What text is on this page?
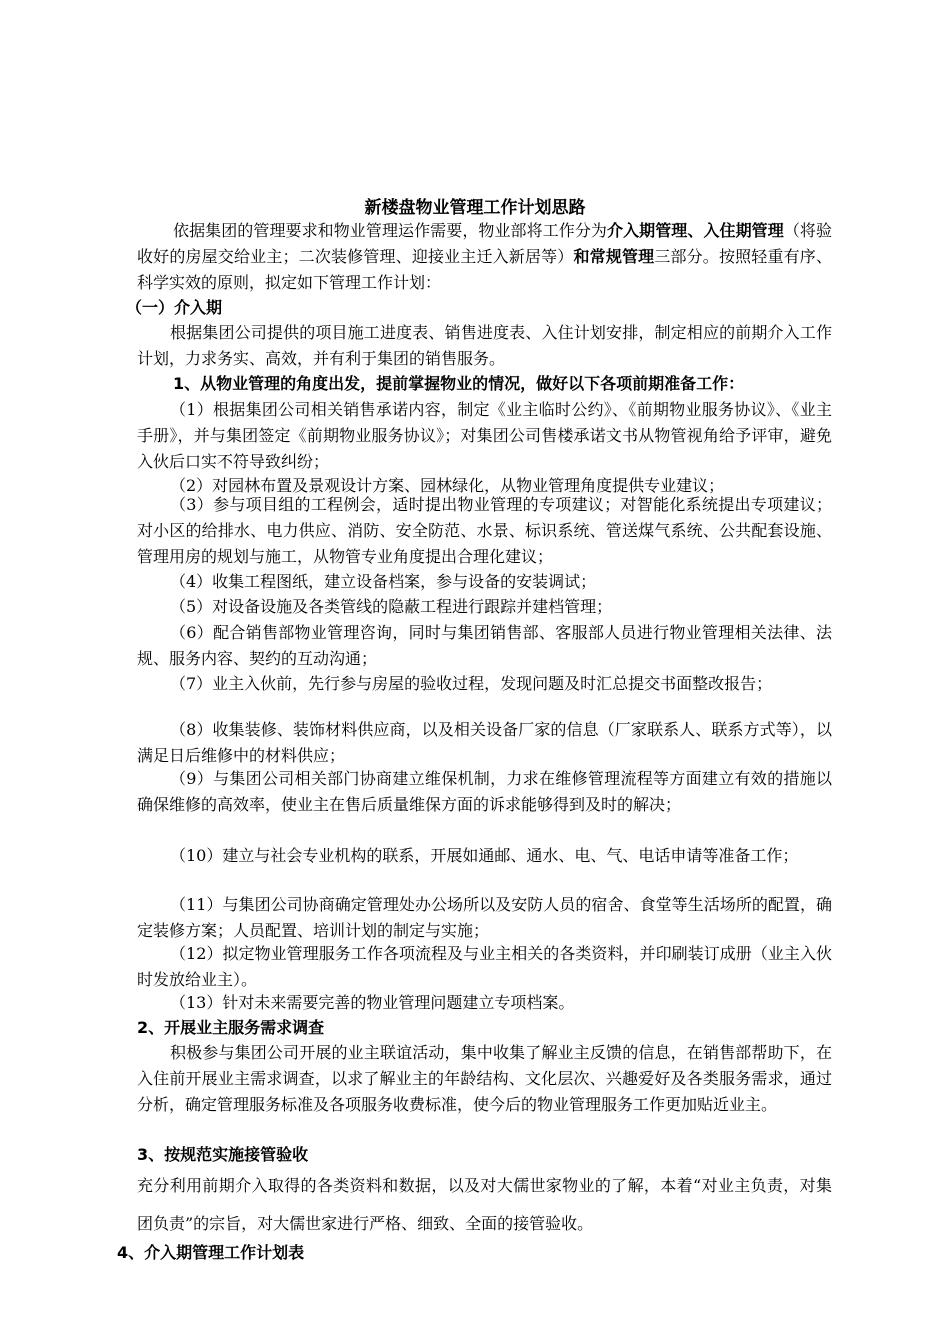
新楼盘物业管理工作计划思路

依据集团的管理要求和物业管理运作需要，物业部将工作分为介入期管理、入住期管理（将验收好的房屋交给业主；二次装修管理、迎接业主迁入新居等）和常规管理三部分。按照轻重有序、科学实效的原则，拟定如下管理工作计划：

（一）介入期

根据集团公司提供的项目施工进度表、销售进度表、入住计划安排，制定相应的前期介入工作计划，力求务实、高效，并有利于集团的销售服务。

1、从物业管理的角度出发，提前掌握物业的情况，做好以下各项前期准备工作：

（1）根据集团公司相关销售承诺内容，制定《业主临时公约》、《前期物业服务协议》、《业主手册》，并与集团签定《前期物业服务协议》；对集团公司售楼承诺文书从物管视角给予评审，避免入伙后口实不符导致纠纷；

（2）对园林布置及景观设计方案、园林绿化，从物业管理角度提供专业建议；

（3）参与项目组的工程例会，适时提出物业管理的专项建议；对智能化系统提出专项建议；对小区的给排水、电力供应、消防、安全防范、水景、标识系统、管送煤气系统、公共配套设施、管理用房的规划与施工，从物管专业角度提出合理化建议；

（4）收集工程图纸，建立设备档案，参与设备的安装调试；

（5）对设备设施及各类管线的隐蔽工程进行跟踪并建档管理；

（6）配合销售部物业管理咨询，同时与集团销售部、客服部人员进行物业管理相关法律、法规、服务内容、契约的互动沟通；

（7）业主入伙前，先行参与房屋的验收过程，发现问题及时汇总提交书面整改报告；

（8）收集装修、装饰材料供应商，以及相关设备厂家的信息（厂家联系人、联系方式等），以满足日后维修中的材料供应；

（9）与集团公司相关部门协商建立维保机制，力求在维修管理流程等方面建立有效的措施以确保维修的高效率，使业主在售后质量维保方面的诉求能够得到及时的解决；

（10）建立与社会专业机构的联系，开展如通邮、通水、电、气、电话申请等准备工作；

（11）与集团公司协商确定管理处办公场所以及安防人员的宿舍、食堂等生活场所的配置，确定装修方案；人员配置、培训计划的制定与实施；

（12）拟定物业管理服务工作各项流程及与业主相关的各类资料，并印刷装订成册（业主入伙时发放给业主）。

（13）针对未来需要完善的物业管理问题建立专项档案。

2、开展业主服务需求调查

积极参与集团公司开展的业主联谊活动，集中收集了解业主反馈的信息，在销售部帮助下，在入住前开展业主需求调查，以求了解业主的年龄结构、文化层次、兴趣爱好及各类服务需求，通过分析，确定管理服务标准及各项服务收费标准，使今后的物业管理服务工作更加贴近业主。

3、按规范实施接管验收

充分利用前期介入取得的各类资料和数据，以及对大儒世家物业的了解，本着“对业主负责，对集团负责”的宗旨，对大儒世家进行严格、细致、全面的接管验收。

4、介入期管理工作计划表
